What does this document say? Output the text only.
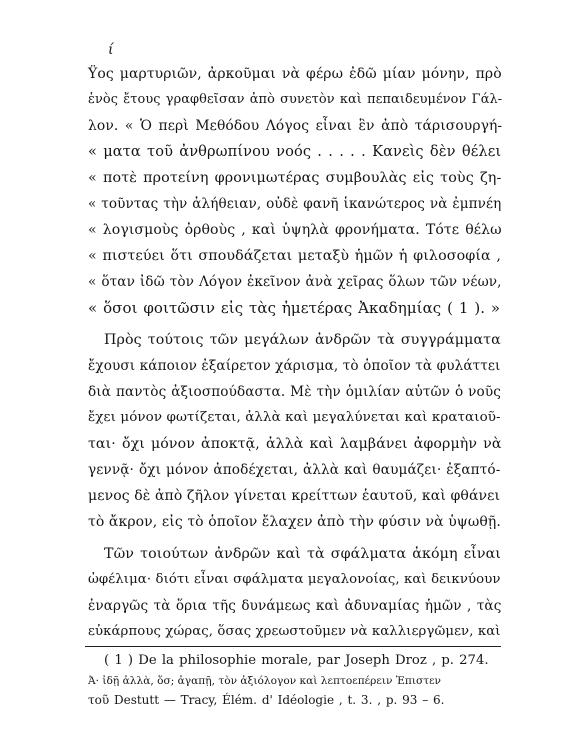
ί
Ϋος μαρτυριῶν, ἀρκοῦμαι νὰ φέρω ἐδῶ μίαν μόνην, πρὸ
ἑνὸς ἔτους γραφθεῖσαν ἀπὸ συνετὸν καὶ πεπαιδευμένον Γάλ-
λον. « Ὁ περὶ Μεθόδου Λόγος εἶναι ἓν ἀπὸ τάρισουργή-
« ματα τοῦ ἀνθρωπίνου νοός . . . . . Κανεὶς δὲν θέλει
« ποτὲ προτείνη φρονιμωτέρας συμβουλὰς εἰς τοὺς ζη-
« τοῦντας τὴν ἀλήθειαν, οὐδὲ φανῆ ἱκανώτερος νὰ ἐμπνέη
« λογισμοὺς ὀρθοὺς , καὶ ὑψηλὰ φρονήματα. Τότε θέλω
« πιστεύει ὅτι σπουδάζεται μεταξὺ ἡμῶν ἡ φιλοσοφία ,
« ὅταν ἰδῶ τὸν Λόγον ἐκεῖνον ἀνὰ χεῖρας ὅλων τῶν νέων,
« ὅσοι φοιτῶσιν εἰς τὰς ἡμετέρας Ἀκαδημίας ( 1 ). »
Πρὸς τούτοις τῶν μεγάλων ἀνδρῶν τὰ συγγράμματα
ἔχουσι κάποιον ἐξαίρετον χάρισμα, τὸ ὁποῖον τὰ φυλάττει
διὰ παντὸς ἀξιοσπούδαστα. Μὲ τὴν ὁμιλίαν αὐτῶν ὁ νοῦς
ἔχει μόνον φωτίζεται, ἀλλὰ καὶ μεγαλύνεται καὶ κραταιοῦ-
ται· ὄχι μόνον ἀποκτᾷ, ἀλλὰ καὶ λαμβάνει ἀφορμὴν νὰ
γεννᾷ· ὄχι μόνον ἀποδέχεται, ἀλλὰ καὶ θαυμάζει· ἐξαπτό-
μενος δὲ ἀπὸ ζῆλον γίνεται κρείττων ἑαυτοῦ, καὶ φθάνει
τὸ ἄκρον, εἰς τὸ ὁποῖον ἔλαχεν ἀπὸ τὴν φύσιν νὰ ὑψωθῇ.
Τῶν τοιούτων ἀνδρῶν καὶ τὰ σφάλματα ἀκόμη εἶναι
ὠφέλιμα· διότι εἶναι σφάλματα μεγαλονοίας, καὶ δεικνύουν
ἐναργῶς τὰ ὅρια τῆς δυνάμεως καὶ ἀδυναμίας ἡμῶν , τὰς
εὐκάρπους χώρας, ὅσας χρεωστοῦμεν νὰ καλλιεργῶμεν, καὶ
( 1 ) De la philosophie morale, par Joseph Droz , p. 274.
Ἀ· ἰδῇ ἀλλὰ, ὅσ; ἀγαπῇ, τὸν ἀξιόλογον καὶ λεπτοεπέρειν Ἐπιστεν
τοῦ Destutt — Tracy, Élém. d' Idéologie , t. 3. , p. 93 – 6.
